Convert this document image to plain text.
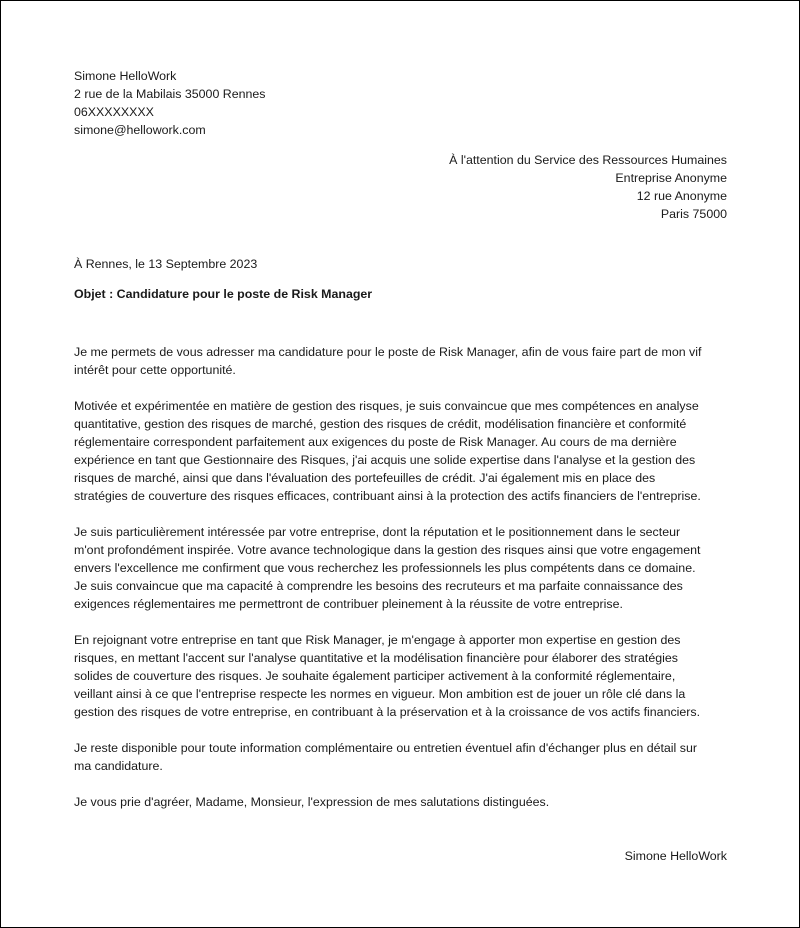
Simone HelloWork
2 rue de la Mabilais 35000 Rennes
06XXXXXXXX
simone@hellowork.com
À l'attention du Service des Ressources Humaines
Entreprise Anonyme
12 rue Anonyme
Paris 75000
À Rennes, le 13 Septembre 2023
Objet : Candidature pour le poste de Risk Manager

Je me permets de vous adresser ma candidature pour le poste de Risk Manager, afin de vous faire part de mon vif
intérêt pour cette opportunité.

Motivée et expérimentée en matière de gestion des risques, je suis convaincue que mes compétences en analyse
quantitative, gestion des risques de marché, gestion des risques de crédit, modélisation financière et conformité
réglementaire correspondent parfaitement aux exigences du poste de Risk Manager. Au cours de ma dernière
expérience en tant que Gestionnaire des Risques, j'ai acquis une solide expertise dans l'analyse et la gestion des
risques de marché, ainsi que dans l'évaluation des portefeuilles de crédit. J'ai également mis en place des
stratégies de couverture des risques efficaces, contribuant ainsi à la protection des actifs financiers de l'entreprise.

Je suis particulièrement intéressée par votre entreprise, dont la réputation et le positionnement dans le secteur
m'ont profondément inspirée. Votre avance technologique dans la gestion des risques ainsi que votre engagement
envers l'excellence me confirment que vous recherchez les professionnels les plus compétents dans ce domaine.
Je suis convaincue que ma capacité à comprendre les besoins des recruteurs et ma parfaite connaissance des
exigences réglementaires me permettront de contribuer pleinement à la réussite de votre entreprise.

En rejoignant votre entreprise en tant que Risk Manager, je m'engage à apporter mon expertise en gestion des
risques, en mettant l'accent sur l'analyse quantitative et la modélisation financière pour élaborer des stratégies
solides de couverture des risques. Je souhaite également participer activement à la conformité réglementaire,
veillant ainsi à ce que l'entreprise respecte les normes en vigueur. Mon ambition est de jouer un rôle clé dans la
gestion des risques de votre entreprise, en contribuant à la préservation et à la croissance de vos actifs financiers.

Je reste disponible pour toute information complémentaire ou entretien éventuel afin d'échanger plus en détail sur
ma candidature.

Je vous prie d'agréer, Madame, Monsieur, l'expression de mes salutations distinguées.

Simone HelloWork
